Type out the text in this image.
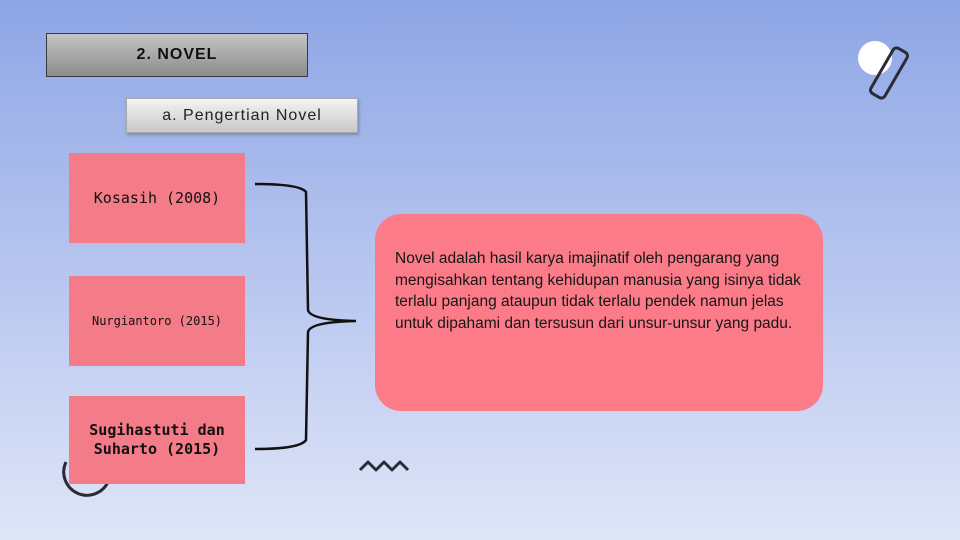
2. NOVEL
a. Pengertian Novel
Kosasih (2008)
Nurgiantoro (2015)
Sugihastuti dan
Suharto (2015)
Novel adalah hasil karya imajinatif oleh pengarang yang mengisahkan tentang kehidupan manusia yang isinya tidak terlalu panjang ataupun tidak terlalu pendek namun jelas untuk dipahami dan tersusun dari unsur-unsur yang padu.
